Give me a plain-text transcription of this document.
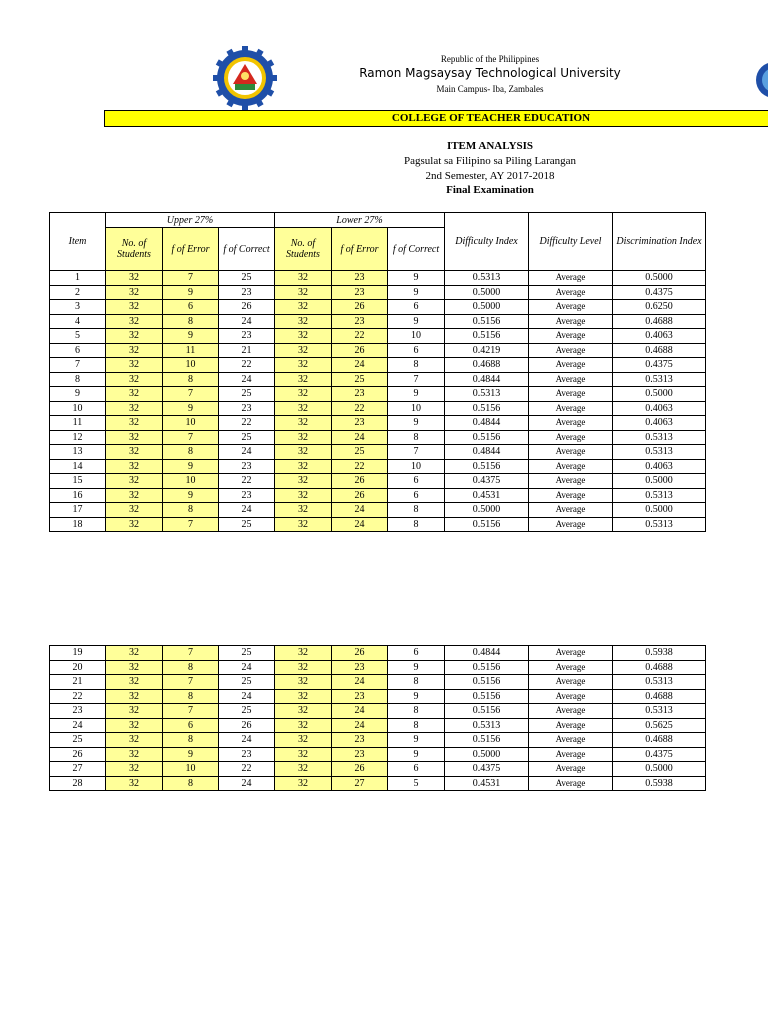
Republic of the Philippines
Ramon Magsaysay Technological University
Main Campus- Iba, Zambales
COLLEGE OF TEACHER EDUCATION
ITEM ANALYSIS
Pagsulat sa Filipino sa Piling Larangan
2nd Semester, AY 2017-2018
Final Examination
Item	Upper 27%			Lower 27%			Difficulty Index	Difficulty Level	Discrimination Index
	No. of Students	f of Error	f of Correct	No. of Students	f of Error	f of Correct			
1	32	7	25	32	23	9	0.5313	Average	0.5000
2	32	9	23	32	23	9	0.5000	Average	0.4375
3	32	6	26	32	26	6	0.5000	Average	0.6250
4	32	8	24	32	23	9	0.5156	Average	0.4688
5	32	9	23	32	22	10	0.5156	Average	0.4063
6	32	11	21	32	26	6	0.4219	Average	0.4688
7	32	10	22	32	24	8	0.4688	Average	0.4375
8	32	8	24	32	25	7	0.4844	Average	0.5313
9	32	7	25	32	23	9	0.5313	Average	0.5000
10	32	9	23	32	22	10	0.5156	Average	0.4063
11	32	10	22	32	23	9	0.4844	Average	0.4063
12	32	7	25	32	24	8	0.5156	Average	0.5313
13	32	8	24	32	25	7	0.4844	Average	0.5313
14	32	9	23	32	22	10	0.5156	Average	0.4063
15	32	10	22	32	26	6	0.4375	Average	0.5000
16	32	9	23	32	26	6	0.4531	Average	0.5313
17	32	8	24	32	24	8	0.5000	Average	0.5000
18	32	7	25	32	24	8	0.5156	Average	0.5313
19	32	7	25	32	26	6	0.4844	Average	0.5938
20	32	8	24	32	23	9	0.5156	Average	0.4688
21	32	7	25	32	24	8	0.5156	Average	0.5313
22	32	8	24	32	23	9	0.5156	Average	0.4688
23	32	7	25	32	24	8	0.5156	Average	0.5313
24	32	6	26	32	24	8	0.5313	Average	0.5625
25	32	8	24	32	23	9	0.5156	Average	0.4688
26	32	9	23	32	23	9	0.5000	Average	0.4375
27	32	10	22	32	26	6	0.4375	Average	0.5000
28	32	8	24	32	27	5	0.4531	Average	0.5938
